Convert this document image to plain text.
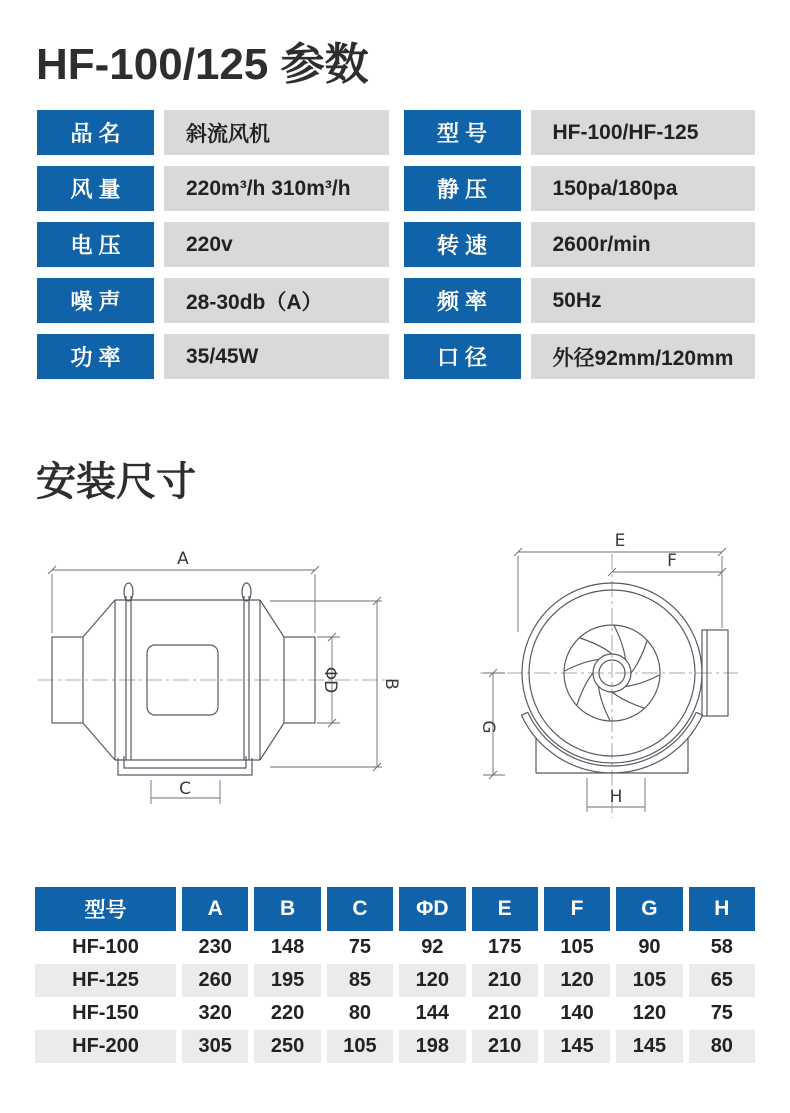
HF-100/125 参数
品 名	斜流风机	型 号	HF-100/HF-125
风 量	220m³/h 310m³/h	静 压	150pa/180pa
电 压	220v	转 速	2600r/min
噪 声	28-30db（A）	频 率	50Hz
功 率	35/45W	口 径	外径92mm/120mm
安装尺寸
A
ΦD B
C
E
F
G
H
型号	A	B	C	ΦD	E	F	G	H
HF-100	230	148	75	92	175	105	90	58
HF-125	260	195	85	120	210	120	105	65
HF-150	320	220	80	144	210	140	120	75
HF-200	305	250	105	198	210	145	145	80
